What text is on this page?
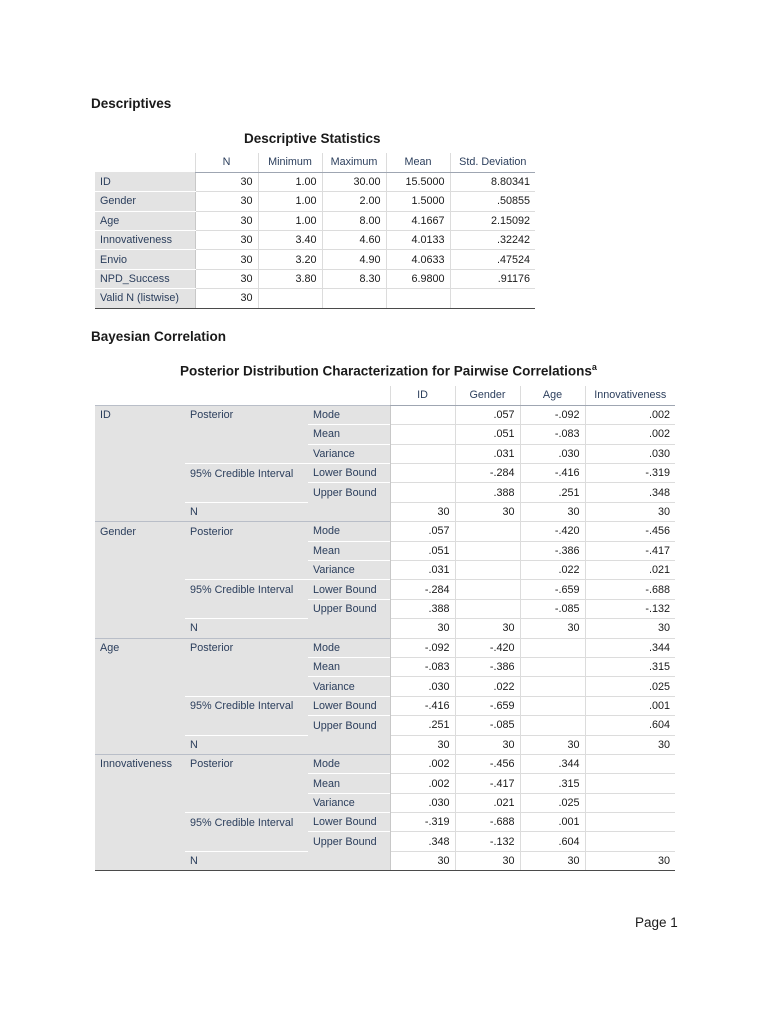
Descriptives
Descriptive Statistics
	N	Minimum	Maximum	Mean	Std. Deviation
ID	30	1.00	30.00	15.5000	8.80341
Gender	30	1.00	2.00	1.5000	.50855
Age	30	1.00	8.00	4.1667	2.15092
Innovativeness	30	3.40	4.60	4.0133	.32242
Envio	30	3.20	4.90	4.0633	.47524
NPD_Success	30	3.80	8.30	6.9800	.91176
Valid N (listwise)	30				
Bayesian Correlation
Posterior Distribution Characterization for Pairwise Correlations$^a$
			ID	Gender	Age	Innovativeness
ID	Posterior	Mode		.057	-.092	.002
		Mean		.051	-.083	.002
		Variance		.031	.030	.030
	95% Credible Interval	Lower Bound		-.284	-.416	-.319
		Upper Bound		.388	.251	.348
	N		30	30	30	30
Gender	Posterior	Mode	.057		-.420	-.456
		Mean	.051		-.386	-.417
		Variance	.031		.022	.021
	95% Credible Interval	Lower Bound	-.284		-.659	-.688
		Upper Bound	.388		-.085	-.132
	N		30	30	30	30
Age	Posterior	Mode	-.092	-.420		.344
		Mean	-.083	-.386		.315
		Variance	.030	.022		.025
	95% Credible Interval	Lower Bound	-.416	-.659		.001
		Upper Bound	.251	-.085		.604
	N		30	30	30	30
Innovativeness	Posterior	Mode	.002	-.456	.344	
		Mean	.002	-.417	.315	
		Variance	.030	.021	.025	
	95% Credible Interval	Lower Bound	-.319	-.688	.001	
		Upper Bound	.348	-.132	.604	
	N		30	30	30	30
Page 1
